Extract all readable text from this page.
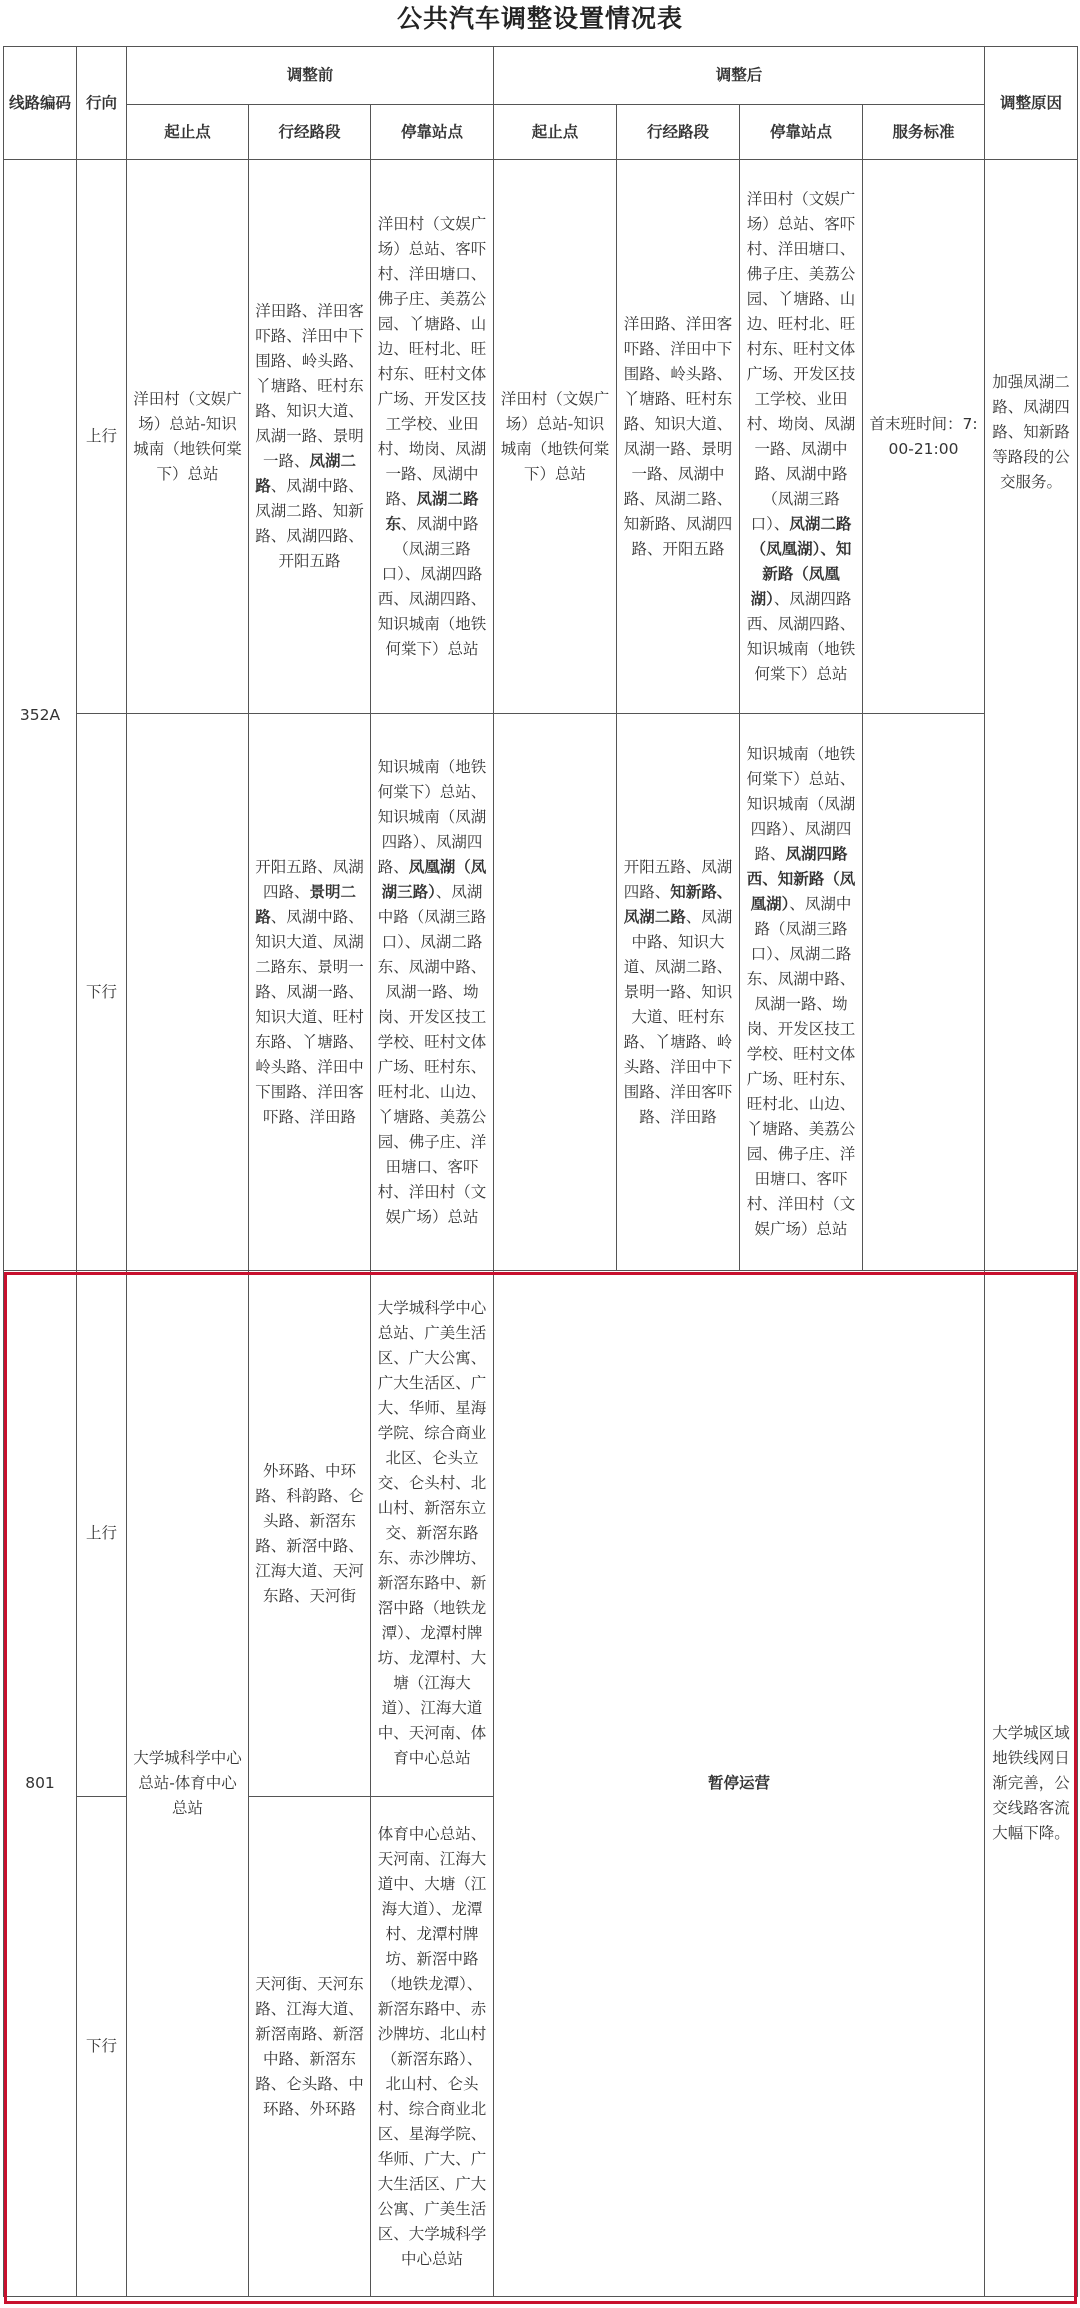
公共汽车调整设置情况表
线路编码	行向	调整前			调整后				调整原因
		起止点	行经路段	停靠站点	起止点	行经路段	停靠站点	服务标准	
352A	上行	洋田村（文娱广场）总站-知识城南（地铁何棠下）总站	洋田路、洋田客吓路、洋田中下围路、岭头路、丫塘路、旺村东路、知识大道、凤湖一路、景明一路、凤湖二路、凤湖中路、凤湖二路、知新路、凤湖四路、开阳五路	洋田村（文娱广场）总站、客吓村、洋田塘口、佛子庄、美荔公园、丫塘路、山边、旺村北、旺村东、旺村文体广场、开发区技工学校、业田村、坳岗、凤湖一路、凤湖中路、凤湖二路东、凤湖中路（凤湖三路口）、凤湖四路西、凤湖四路、知识城南（地铁何棠下）总站	洋田村（文娱广场）总站-知识城南（地铁何棠下）总站	洋田路、洋田客吓路、洋田中下围路、岭头路、丫塘路、旺村东路、知识大道、凤湖一路、景明一路、凤湖中路、凤湖二路、知新路、凤湖四路、开阳五路	洋田村（文娱广场）总站、客吓村、洋田塘口、佛子庄、美荔公园、丫塘路、山边、旺村北、旺村东、旺村文体广场、开发区技工学校、业田村、坳岗、凤湖一路、凤湖中路、凤湖中路（凤湖三路口）、凤湖二路（凤凰湖）、知新路（凤凰湖）、凤湖四路西、凤湖四路、知识城南（地铁何棠下）总站	首末班时间：7:00-21:00	加强凤湖二路、凤湖四路、知新路等路段的公交服务。
	下行		开阳五路、凤湖四路、景明二路、凤湖中路、知识大道、凤湖二路东、景明一路、凤湖一路、知识大道、旺村东路、丫塘路、岭头路、洋田中下围路、洋田客吓路、洋田路	知识城南（地铁何棠下）总站、知识城南（凤湖四路）、凤湖四路、凤凰湖（凤湖三路）、凤湖中路（凤湖三路口）、凤湖二路东、凤湖中路、凤湖一路、坳岗、开发区技工学校、旺村文体广场、旺村东、旺村北、山边、丫塘路、美荔公园、佛子庄、洋田塘口、客吓村、洋田村（文娱广场）总站		开阳五路、凤湖四路、知新路、凤湖二路、凤湖中路、知识大道、凤湖二路、景明一路、知识大道、旺村东路、丫塘路、岭头路、洋田中下围路、洋田客吓路、洋田路	知识城南（地铁何棠下）总站、知识城南（凤湖四路）、凤湖四路、凤湖四路西、知新路（凤凰湖）、凤湖中路（凤湖三路口）、凤湖二路东、凤湖中路、凤湖一路、坳岗、开发区技工学校、旺村文体广场、旺村东、旺村北、山边、丫塘路、美荔公园、佛子庄、洋田塘口、客吓村、洋田村（文娱广场）总站		
801	上行	大学城科学中心总站-体育中心总站	外环路、中环路、科韵路、仑头路、新滘东路、新滘中路、江海大道、天河东路、天河街	大学城科学中心总站、广美生活区、广大公寓、广大生活区、广大、华师、星海学院、综合商业北区、仑头立交、仑头村、北山村、新滘东立交、新滘东路东、赤沙牌坊、新滘东路中、新滘中路（地铁龙潭）、龙潭村牌坊、龙潭村、大塘（江海大道）、江海大道中、天河南、体育中心总站	暂停运营				大学城区域地铁线网日渐完善，公交线路客流大幅下降。
	下行		天河街、天河东路、江海大道、新滘南路、新滘中路、新滘东路、仑头路、中环路、外环路	体育中心总站、天河南、江海大道中、大塘（江海大道）、龙潭村、龙潭村牌坊、新滘中路（地铁龙潭）、新滘东路中、赤沙牌坊、北山村（新滘东路）、北山村、仑头村、综合商业北区、星海学院、华师、广大、广大生活区、广大公寓、广美生活区、大学城科学中心总站					
